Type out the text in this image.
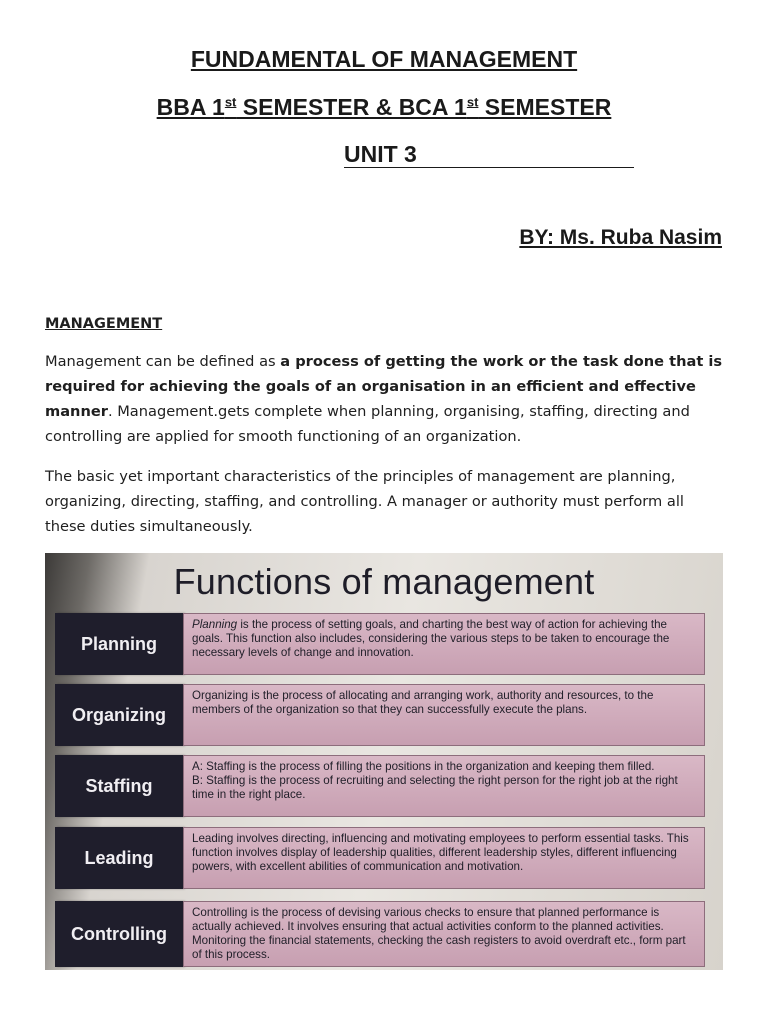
FUNDAMENTAL OF MANAGEMENT
BBA 1st SEMESTER & BCA 1st SEMESTER
UNIT 3
BY: Ms. Ruba Nasim
MANAGEMENT
Management can be defined as a process of getting the work or the task done that is required for achieving the goals of an organisation in an efficient and effective manner. Management.gets complete when planning, organising, staffing, directing and controlling are applied for smooth functioning of an organization.
The basic yet important characteristics of the principles of management are planning, organizing, directing, staffing, and controlling. A manager or authority must perform all these duties simultaneously.
Functions of management
Planning
Planning is the process of setting goals, and charting the best way of action for achieving the goals. This function also includes, considering the various steps to be taken to encourage the necessary levels of change and innovation.
Organizing
Organizing is the process of allocating and arranging work, authority and resources, to the members of the organization so that they can successfully execute the plans.
Staffing
A: Staffing is the process of filling the positions in the organization and keeping them filled.
B: Staffing is the process of recruiting and selecting the right person for the right job at the right time in the right place.
Leading
Leading involves directing, influencing and motivating employees to perform essential tasks. This function involves display of leadership qualities, different leadership styles, different influencing powers, with excellent abilities of communication and motivation.
Controlling
Controlling is the process of devising various checks to ensure that planned performance is actually achieved. It involves ensuring that actual activities conform to the planned activities. Monitoring the financial statements, checking the cash registers to avoid overdraft etc., form part of this process.
